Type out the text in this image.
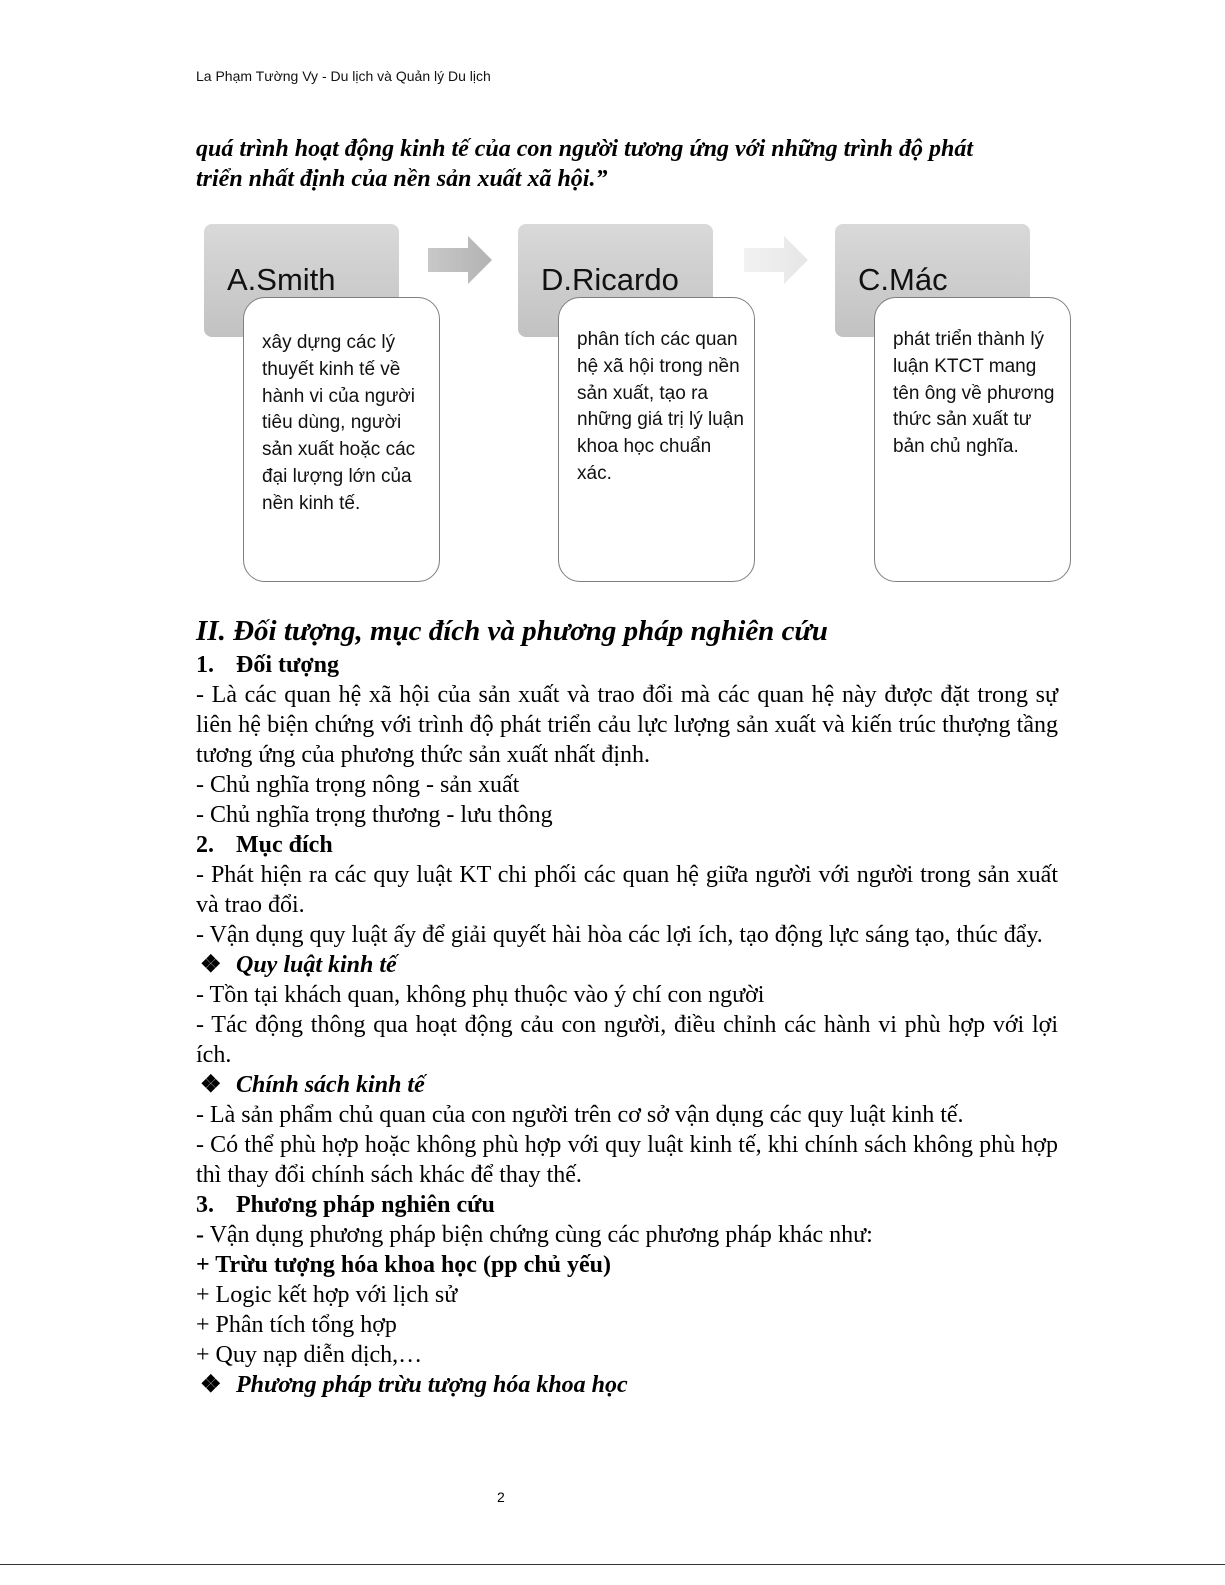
La Phạm Tường Vy - Du lịch và Quản lý Du lịch
quá trình hoạt động kinh tế của con người tương ứng với những trình độ phát
triển nhất định của nền sản xuất xã hội.”
A.Smith
xây dựng các lý thuyết kinh tế về hành vi của người tiêu dùng, người sản xuất hoặc các đại lượng lớn của nền kinh tế.
D.Ricardo
phân tích các quan hệ xã hội trong nền sản xuất, tạo ra những giá trị lý luận khoa học chuẩn xác.
C.Mác
phát triển thành lý luận KTCT mang tên ông về phương thức sản xuất tư bản chủ nghĩa.
II. Đối tượng, mục đích và phương pháp nghiên cứu
1. Đối tượng
- Là các quan hệ xã hội của sản xuất và trao đổi mà các quan hệ này được đặt trong sự liên hệ biện chứng với trình độ phát triển cảu lực lượng sản xuất và kiến trúc thượng tầng tương ứng của phương thức sản xuất nhất định.
- Chủ nghĩa trọng nông - sản xuất
- Chủ nghĩa trọng thương - lưu thông
2. Mục đích
- Phát hiện ra các quy luật KT chi phối các quan hệ giữa người với người trong sản xuất và trao đổi.
- Vận dụng quy luật ấy để giải quyết hài hòa các lợi ích, tạo động lực sáng tạo, thúc đẩy.
❖ Quy luật kinh tế
- Tồn tại khách quan, không phụ thuộc vào ý chí con người
- Tác động thông qua hoạt động cảu con người, điều chỉnh các hành vi phù hợp với lợi ích.
❖ Chính sách kinh tế
- Là sản phẩm chủ quan của con người trên cơ sở vận dụng các quy luật kinh tế.
- Có thể phù hợp hoặc không phù hợp với quy luật kinh tế, khi chính sách không phù hợp thì thay đổi chính sách khác để thay thế.
3. Phương pháp nghiên cứu
- Vận dụng phương pháp biện chứng cùng các phương pháp khác như:
+ Trừu tượng hóa khoa học (pp chủ yếu)
+ Logic kết hợp với lịch sử
+ Phân tích tổng hợp
+ Quy nạp diễn dịch,…
❖ Phương pháp trừu tượng hóa khoa học
2
